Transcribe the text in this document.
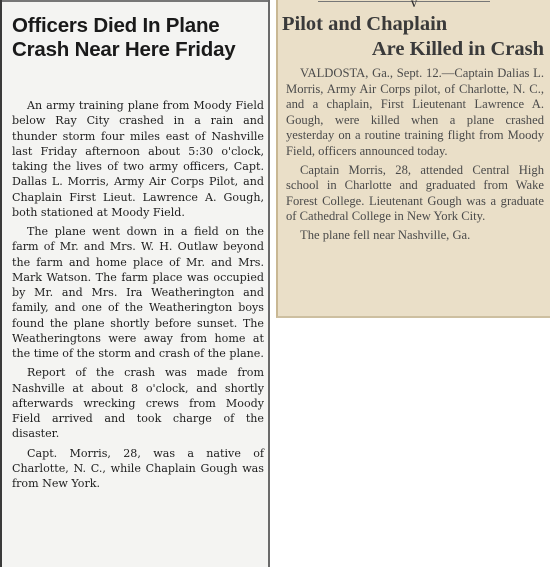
Officers Died In Plane Crash Near Here Friday

An army training plane from Moody Field below Ray City crashed in a rain and thunder storm four miles east of Nashville last Friday afternoon about 5:30 o'clock, taking the lives of two army officers, Capt. Dallas L. Morris, Army Air Corps Pilot, and Chaplain First Lieut. Lawrence A. Gough, both stationed at Moody Field.

The plane went down in a field on the farm of Mr. and Mrs. W. H. Outlaw beyond the farm and home place of Mr. and Mrs. Mark Watson. The farm place was occupied by Mr. and Mrs. Ira Weatherington and family, and one of the Weatherington boys found the plane shortly before sunset. The Weatheringtons were away from home at the time of the storm and crash of the plane.

Report of the crash was made from Nashville at about 8 o'clock, and shortly afterwards wrecking crews from Moody Field arrived and took charge of the disaster.

Capt. Morris, 28, was a native of Charlotte, N. C., while Chaplain Gough was from New York.

V
Pilot and Chaplain
Are Killed in Crash

VALDOSTA, Ga., Sept. 12.—Captain Dalias L. Morris, Army Air Corps pilot, of Charlotte, N. C., and a chaplain, First Lieutenant Lawrence A. Gough, were killed when a plane crashed yesterday on a routine training flight from Moody Field, officers announced today.

Captain Morris, 28, attended Central High school in Charlotte and graduated from Wake Forest College. Lieutenant Gough was a graduate of Cathedral College in New York City.

The plane fell near Nashville, Ga.
